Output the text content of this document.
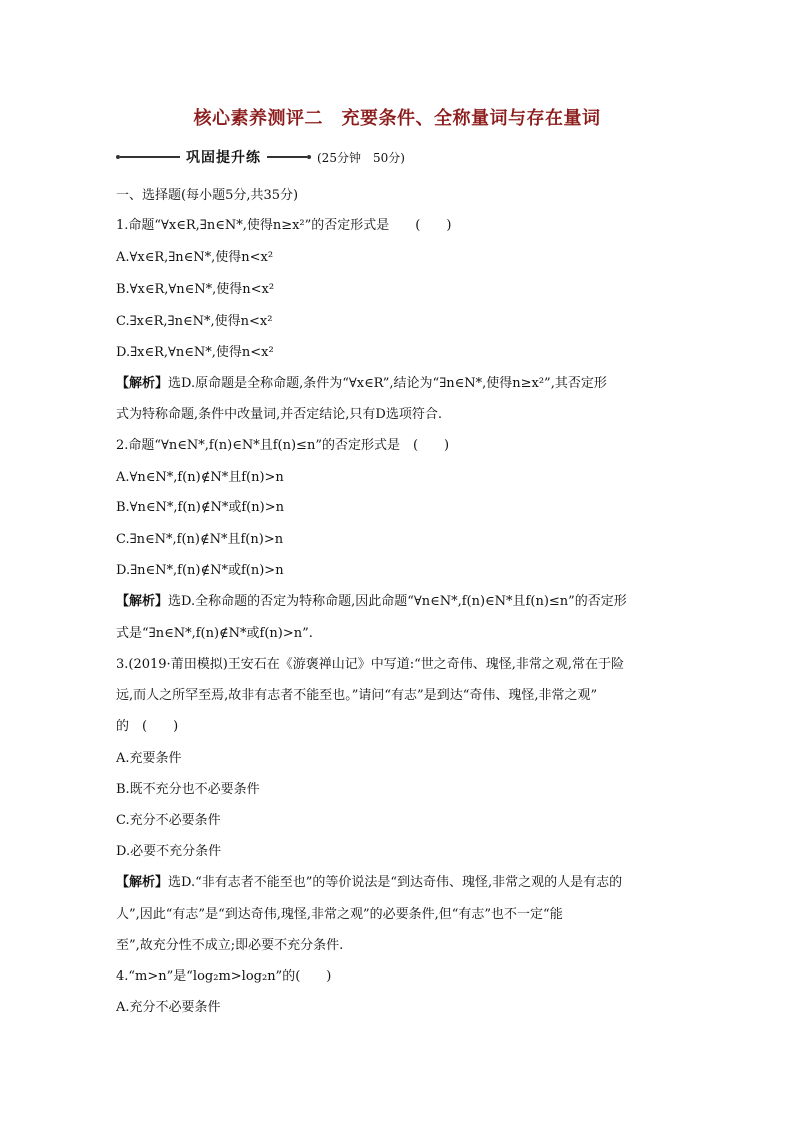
核心素养测评二　充要条件、全称量词与存在量词
巩固提升练	(25分钟　50分)
一、选择题(每小题5分,共35分)
1.命题“∀x∈R,∃n∈N*,使得n≥x²”的否定形式是　　(　　)
A.∀x∈R,∃n∈N*,使得n<x²
B.∀x∈R,∀n∈N*,使得n<x²
C.∃x∈R,∃n∈N*,使得n<x²
D.∃x∈R,∀n∈N*,使得n<x²
【解析】选D.原命题是全称命题,条件为“∀x∈R”,结论为“∃n∈N*,使得n≥x²”,其否定形
式为特称命题,条件中改量词,并否定结论,只有D选项符合.
2.命题“∀n∈N*,f(n)∈N*且f(n)≤n”的否定形式是　(　　)
A.∀n∈N*,f(n)∉N*且f(n)>n
B.∀n∈N*,f(n)∉N*或f(n)>n
C.∃n∈N*,f(n)∉N*且f(n)>n
D.∃n∈N*,f(n)∉N*或f(n)>n
【解析】选D.全称命题的否定为特称命题,因此命题“∀n∈N*,f(n)∈N*且f(n)≤n”的否定形
式是“∃n∈N*,f(n)∉N*或f(n)>n”.
3.(2019·莆田模拟)王安石在《游褒禅山记》中写道:“世之奇伟、瑰怪,非常之观,常在于险
远,而人之所罕至焉,故非有志者不能至也。”请问“有志”是到达“奇伟、瑰怪,非常之观”
的　(　　)
A.充要条件
B.既不充分也不必要条件
C.充分不必要条件
D.必要不充分条件
【解析】选D.“非有志者不能至也”的等价说法是“到达奇伟、瑰怪,非常之观的人是有志的
人”,因此“有志”是“到达奇伟,瑰怪,非常之观”的必要条件,但“有志”也不一定“能
至”,故充分性不成立;即必要不充分条件.
4.“m>n”是“log₂m>log₂n”的(　　)
A.充分不必要条件
